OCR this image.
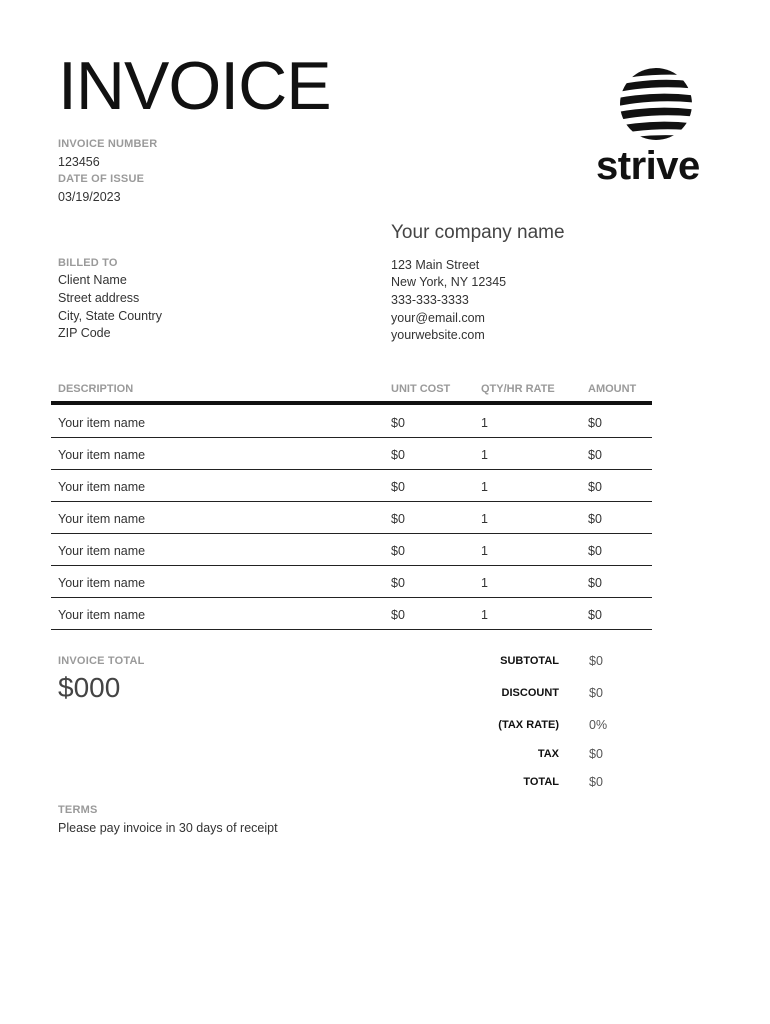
INVOICE
INVOICE NUMBER
123456
DATE OF ISSUE
03/19/2023
strive
Your company name
123 Main Street
New York, NY 12345
333-333-3333
your@email.com
yourwebsite.com
BILLED TO
Client Name
Street address
City, State Country
ZIP Code
DESCRIPTION	UNIT COST	QTY/HR RATE	AMOUNT
Your item name	$0	1	$0
Your item name	$0	1	$0
Your item name	$0	1	$0
Your item name	$0	1	$0
Your item name	$0	1	$0
Your item name	$0	1	$0
Your item name	$0	1	$0
INVOICE TOTAL
$000
SUBTOTAL $0
DISCOUNT $0
(TAX RATE) 0%
TAX $0
TOTAL $0
TERMS
Please pay invoice in 30 days of receipt
